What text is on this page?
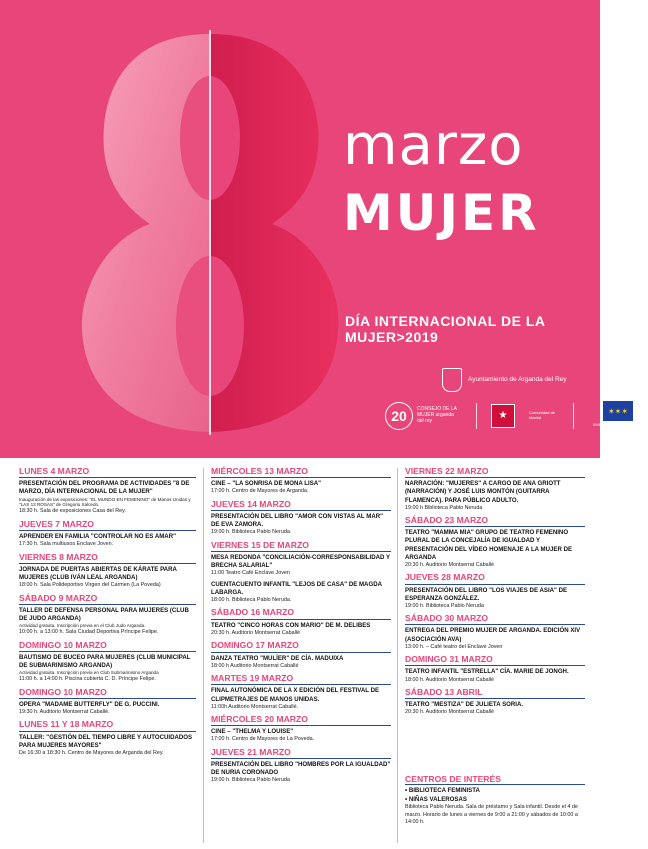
marzo
MUJER
DÍA INTERNACIONAL DE LA MUJER>2019
Ayuntamiento de Arganda del Rey
20	CONSEJO DE LA MUJER arganda del rey	★	Comunidad de Madrid
✶✶✶
UNIÓN EUROPEA Fondo Social Europeo
LUNES 4 MARZO
PRESENTACIÓN DEL PROGRAMA DE ACTIVIDADES "8 DE MARZO, DÍA INTERNACIONAL DE LA MUJER"
Inauguración de las exposiciones: "EL MUNDO EN FEMENINO" de Manos Unidas y "LAS 13 ROSAS" de Gregorio Salcedo.
18:30 h. Sala de exposiciones Casa del Rey.
JUEVES 7 MARZO
APRENDER EN FAMILIA "CONTROLAR NO ES AMAR"
17:30 h. Sala multiusos Enclave Joven.
VIERNES 8 MARZO
JORNADA DE PUERTAS ABIERTAS DE KÁRATE PARA MUJERES (CLUB IVÁN LEAL ARGANDA)
18:00 h. Sala Polideportivo Virgen del Carmen (La Poveda)
SÁBADO 9 MARZO
TALLER DE DEFENSA PERSONAL PARA MUJERES (CLUB DE JUDO ARGANDA)
Actividad gratuita. Inscripción previa en el Club Judo Arganda.
10:00 h. a 13:00 h. Sala Ciudad Deportiva Príncipe Felipe.
DOMINGO 10 MARZO
BAUTISMO DE BUCEO PARA MUJERES (CLUB MUNICIPAL DE SUBMARINISMO ARGANDA)
Actividad gratuita. Inscripción previa en Club Submarinismo Arganda
11:00 h. a 14:00 h. Piscina cubierta C. D. Príncipe Felipe.
DOMINGO 10 MARZO
OPERA "MADAME BUTTERFLY" DE G. PUCCINI.
19:30 h. Auditorio Montserrat Caballé.
LUNES 11 Y 18 MARZO
TALLER: "GESTIÓN DEL TIEMPO LIBRE Y AUTOCUIDADOS PARA MUJERES MAYORES"
De 16:30 a 18:30 h. Centro de Mayores de Arganda del Rey.
MIÉRCOLES 13 MARZO
CINE – "LA SONRISA DE MONA LISA"
17:00 h. Centro de Mayores de Arganda.
JUEVES 14 MARZO
PRESENTACIÓN DEL LIBRO "AMOR CON VISTAS AL MAR" DE EVA ZAMORA.
19:00 h. Biblioteca Pablo Neruda.
VIERNES 15 DE MARZO
MESA REDONDA "CONCILIACIÓN-CORRESPONSABILIDAD Y BRECHA SALARIAL"
11:00 Teatro Café Enclave Joven
CUENTACUENTO INFANTIL "LEJOS DE CASA" DE MAGDA LABARGA.
18:00 h. Biblioteca Pablo Neruda.
SÁBADO 16 MARZO
TEATRO "CINCO HORAS CON MARIO" DE M. DELIBES
20:30 h. Auditorio Montserrat Caballé
DOMINGO 17 MARZO
DANZA TEATRO "MULÏER" DE CÍA. MADUIXA
18:00 h Auditorio Montserrat Caballé
MARTES 19 MARZO
FINAL AUTONÓMICA DE LA X EDICIÓN DEL FESTIVAL DE CLIPMETRAJES DE MANOS UNIDAS.
11:00h Auditorio Montserrat Caballé.
MIÉRCOLES 20 MARZO
CINE – "THELMA Y LOUISE"
17:00 h. Centro de Mayores de La Poveda.
JUEVES 21 MARZO
PRESENTACIÓN DEL LIBRO "HOMBRES POR LA IGUALDAD" DE NURIA CORONADO
19:00 h. Biblioteca Pablo Neruda
VIERNES 22 MARZO
NARRACIÓN: "MUJERES" A CARGO DE ANA GRIOTT (NARRACIÓN) Y JOSÉ LUIS MONTÓN (GUITARRA FLAMENCA). PARA PÚBLICO ADULTO.
19:00 h Biblioteca Pablo Neruda
SÁBADO 23 MARZO
TEATRO "MAMMA MIA" GRUPO DE TEATRO FEMENINO PLURAL DE LA CONCEJALÍA DE IGUALDAD Y PRESENTACIÓN DEL VÍDEO HOMENAJE A LA MUJER DE ARGANDA
20:30 h. Auditorio Montserrat Caballé
JUEVES 28 MARZO
PRESENTACIÓN DEL LIBRO "LOS VIAJES DE ASIA" DE ESPERANZA GONZÁLEZ.
19:00 h. Biblioteca Pablo Neruda
SÁBADO 30 MARZO
ENTREGA DEL PREMIO MUJER DE ARGANDA. EDICIÓN XIV (ASOCIACIÓN AVA)
13:00 h. – Café teatro del Enclave Joven
DOMINGO 31 MARZO
TEATRO INFANTIL "ESTRELLA" CÍA. MARIE DE JONGH.
18:00 h. Auditorio Montserrat Caballé
SÁBADO 13 ABRIL
TEATRO "MESTIZA" DE JULIETA SORIA.
20:30 h. Auditorio Montserrat Caballé
CENTROS DE INTERÉS
• BIBLIOTECA FEMINISTA
• NIÑAS VALEROSAS
Biblioteca Pablo Neruda. Sala de préstamo y Sala infantil. Desde el 4 de marzo. Horario de lunes a viernes de 9:00 a 21:00 y sábados de 10:00 a 14:00 h.
